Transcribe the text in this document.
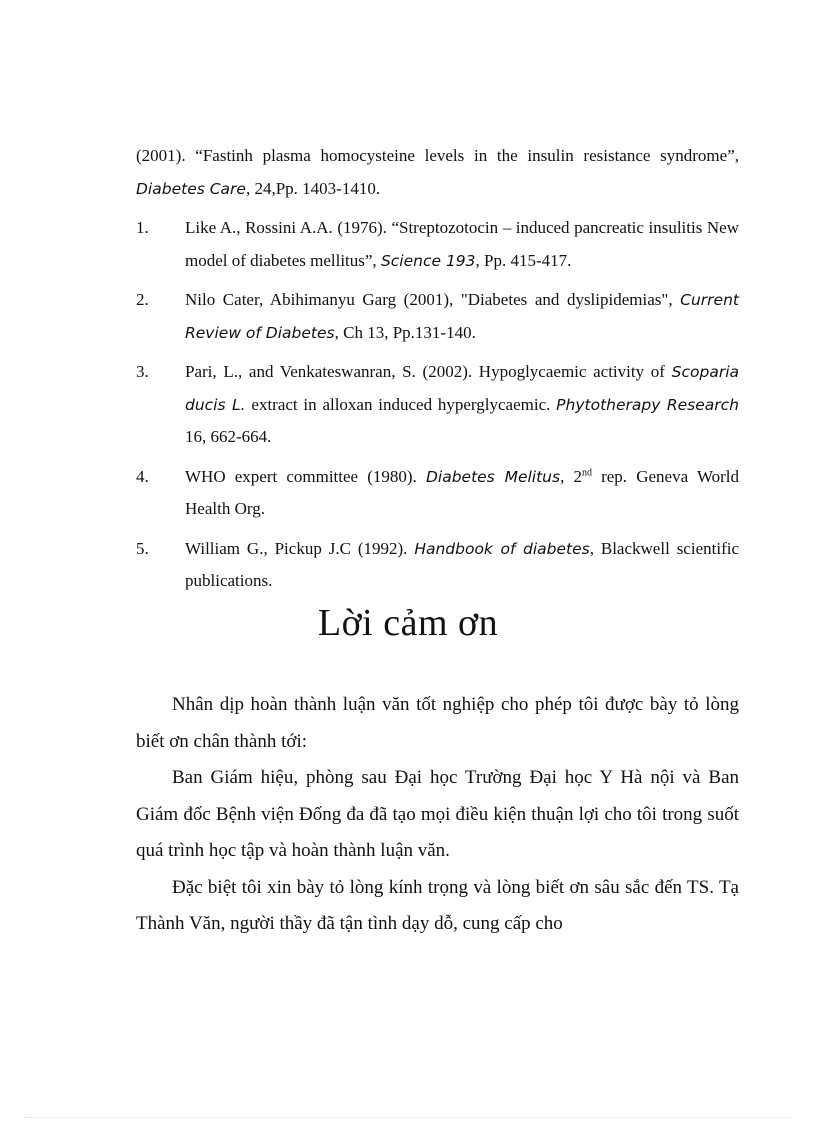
(2001). “Fastinh plasma homocysteine levels in the insulin resistance syndrome”, Diabetes Care, 24,Pp. 1403-1410.

1.	Like A., Rossini A.A. (1976). “Streptozotocin – induced pancreatic insulitis New model of diabetes mellitus”, Science 193, Pp. 415-417.
2.	Nilo Cater, Abihimanyu Garg (2001), "Diabetes and dyslipidemias", Current Review of Diabetes, Ch 13, Pp.131-140.
3.	Pari, L., and Venkateswanran, S. (2002). Hypoglycaemic activity of Scoparia ducis L. extract in alloxan induced hyperglycaemic. Phytotherapy Research 16, 662-664.
4.	WHO expert committee (1980). Diabetes Melitus, 2nd rep. Geneva World Health Org.
5.	William G., Pickup J.C (1992). Handbook of diabetes, Blackwell scientific publications.
Lời cảm ơn

Nhân dịp hoàn thành luận văn tốt nghiệp cho phép tôi được bày tỏ lòng biết ơn chân thành tới:

Ban Giám hiệu, phòng sau Đại học Trường Đại học Y Hà nội và Ban Giám đốc Bệnh viện Đống đa đã tạo mọi điều kiện thuận lợi cho tôi trong suốt quá trình học tập và hoàn thành luận văn.

Đặc biệt tôi xin bày tỏ lòng kính trọng và lòng biết ơn sâu sắc đến TS. Tạ Thành Văn, người thầy đã tận tình dạy dỗ, cung cấp cho
